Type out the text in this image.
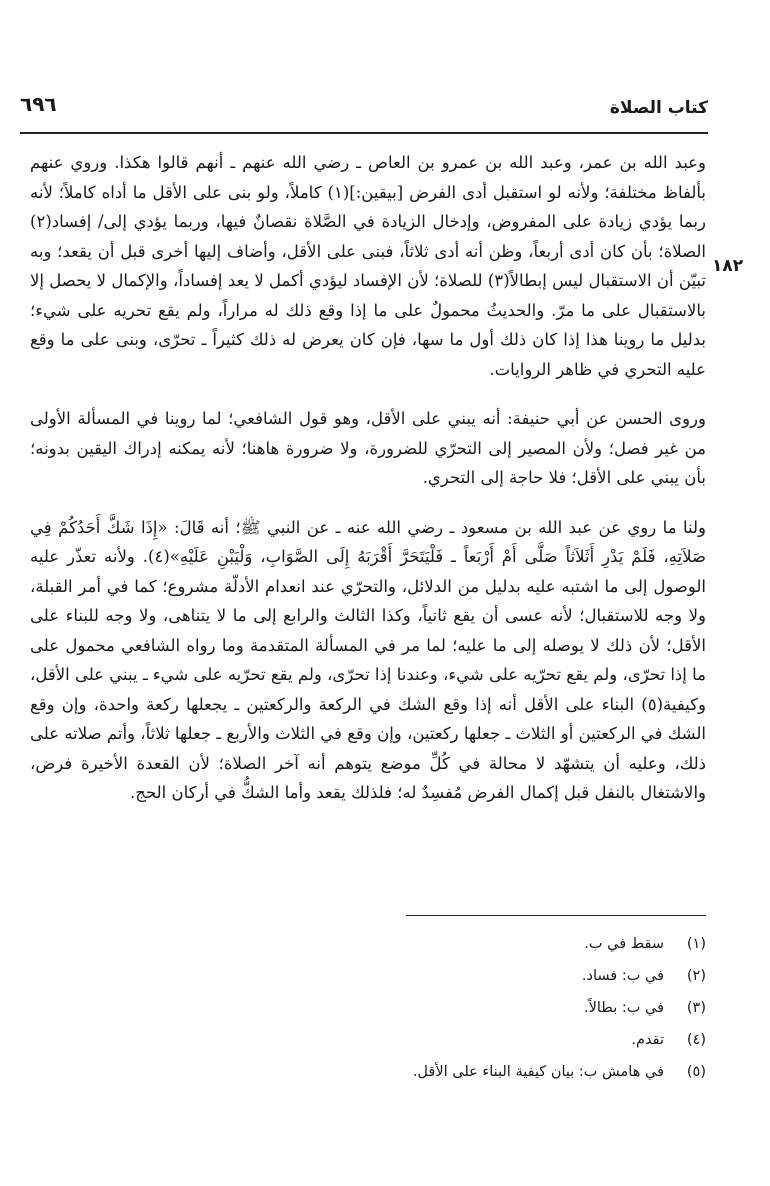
كتاب الصلاة
٦٩٦
١٨٢

وعبد الله بن عمر، وعبد الله بن عمرو بن العاص ـ رضي الله عنهم ـ أنهم قالوا هكذا. وروي عنهم بألفاظ مختلفة؛ ولأنه لو استقبل أدى الفرض [بيقين:](١) كاملاً، ولو بنى على الأقل ما أداه كاملاً؛ لأنه ربما يؤدي زيادة على المفروض، وإدخال الزيادة في الصَّلاة نقصانٌ فيها، وربما يؤدي إلى/ إفساد(٢) الصلاة؛ بأن كان أدى أربعاً، وظن أنه أدى ثلاثاً، فبنى على الأقل، وأضاف إليها أخرى قبل أن يقعد؛ وبه تبيّن أن الاستقبال ليس إبطالاً(٣) للصلاة؛ لأن الإفساد ليؤدي أكمل لا يعد إفساداً، والإكمال لا يحصل إلا بالاستقبال على ما مرّ. والحديثُ محمولٌ على ما إذا وقع ذلك له مراراً، ولم يقع تحريه على شيء؛ بدليل ما روينا هذا إذا كان ذلك أول ما سها، فإن كان يعرض له ذلك كثيراً ـ تحرّى، وبنى على ما وقع عليه التحري في ظاهر الروايات.

وروى الحسن عن أبي حنيفة: أنه يبني على الأقل، وهو قول الشافعي؛ لما روينا في المسألة الأولى من غير فصل؛ ولأن المصير إلى التحرّي للضرورة، ولا ضرورة هاهنا؛ لأنه يمكنه إدراك اليقين بدونه؛ بأن يبني على الأقل؛ فلا حاجة إلى التحري.

ولنا ما روي عن عبد الله بن مسعود ـ رضي الله عنه ـ عن النبي ﷺ؛ أنه قَالَ: «إِذَا شَكَّ أَحَدُكُمْ فِي صَلاَتِهِ، فَلَمْ يَدْرِ أَثَلاَثاً صَلَّى أَمْ أَرْبَعاً ـ فَلْيَتَحَرَّ أَقْرَبَهُ إِلَى الصَّوَابِ، وَلْيَبْنِ عَلَيْهِ»(٤). ولأنه تعذّر عليه الوصول إلى ما اشتبه عليه بدليل من الدلائل، والتحرّي عند انعدام الأدلّة مشروع؛ كما في أمر القبلة، ولا وجه للاستقبال؛ لأنه عسى أن يقع ثانياً، وكذا الثالث والرابع إلى ما لا يتناهى، ولا وجه للبناء على الأقل؛ لأن ذلك لا يوصله إلى ما عليه؛ لما مر في المسألة المتقدمة وما رواه الشافعي محمول على ما إذا تحرّى، ولم يقع تحرّيه على شيء، وعندنا إذا تحرّى، ولم يقع تحرّيه على شيء ـ يبني على الأقل، وكيفية(٥) البناء على الأقل أنه إذا وقع الشك في الركعة والركعتين ـ يجعلها ركعة واحدة، وإن وقع الشك في الركعتين أو الثلاث ـ جعلها ركعتين، وإن وقع في الثلاث والأربع ـ جعلها ثلاثاً، وأتم صلاته على ذلك، وعليه أن يتشهّد لا محالة في كُلِّ موضع يتوهم أنه آخر الصلاة؛ لأن القعدة الأخيرة فرض، والاشتغال بالنفل قبل إكمال الفرض مُفسِدٌ له؛ فلذلك يقعد وأما الشكُّ في أركان الحج.

(١)سقط في ب.
(٢)في ب: فساد.
(٣)في ب: بطالاً.
(٤)تقدم.
(٥)في هامش ب: بيان كيفية البناء على الأقل.
